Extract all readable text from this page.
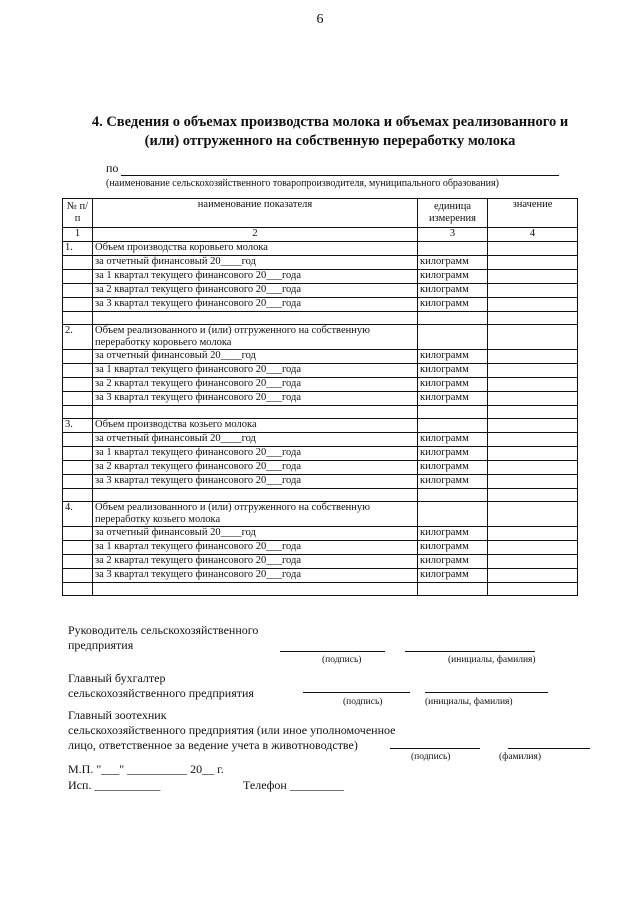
6
4. Сведения о объемах производства молока и объемах реализованного и
(или) отгруженного на собственную переработку молока
по
(наименование сельскохозяйственного товаропроизводителя, муниципального образования)
№ п/п	наименование показателя	единица измерения	значение
1	2	3	4
1.	Объем производства коровьего молока		

	за отчетный финансовый 20____год	килограмм	
	за 1 квартал текущего финансового 20___года	килограмм	
	за 2 квартал текущего финансового 20___года	килограмм	
	за 3 квартал текущего финансового 20___года	килограмм	

2.	Объем реализованного и (или) отгруженного на собственную
переработку коровьего молока		

	за отчетный финансовый 20____год	килограмм	
	за 1 квартал текущего финансового 20___года	килограмм	
	за 2 квартал текущего финансового 20___года	килограмм	
	за 3 квартал текущего финансового 20___года	килограмм	

3.	Объем производства козьего молока		

	за отчетный финансовый 20____год	килограмм	
	за 1 квартал текущего финансового 20___года	килограмм	
	за 2 квартал текущего финансового 20___года	килограмм	
	за 3 квартал текущего финансового 20___года	килограмм	

4.	Объем реализованного и (или) отгруженного на собственную
переработку козьего молока		

	за отчетный финансовый 20____год	килограмм	
	за 1 квартал текущего финансового 20___года	килограмм	
	за 2 квартал текущего финансового 20___года	килограмм	
	за 3 квартал текущего финансового 20___года	килограмм	

Руководитель сельскохозяйственного
предприятия
(подпись)	(инициалы, фамилия)
Главный бухгалтер
сельскохозяйственного предприятия
(подпись)	(инициалы, фамилия)
Главный зоотехник
сельскохозяйственного предприятия (или иное уполномоченное
лицо, ответственное за ведение учета в животноводстве)
(подпись)	(фамилия)
М.П. "___" __________ 20__ г.
Исп. ___________	Телефон _________
